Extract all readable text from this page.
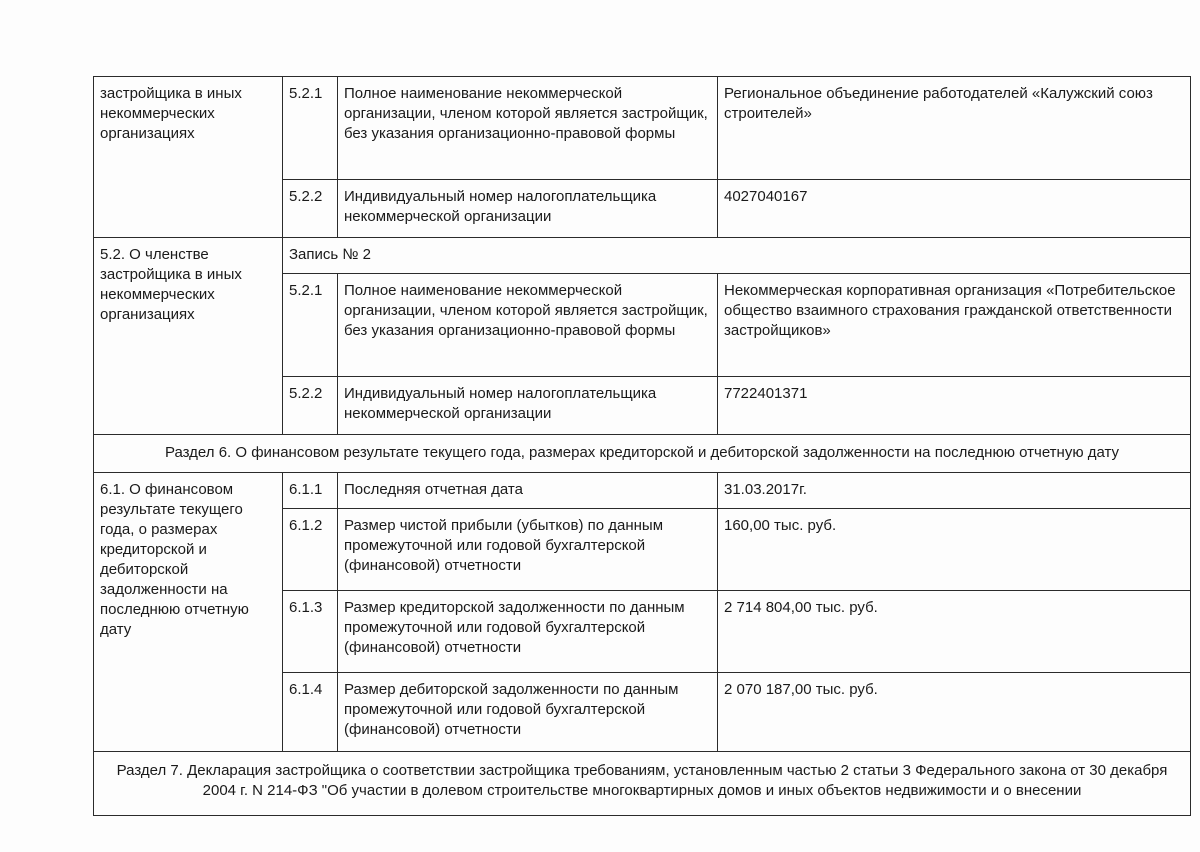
застройщика в иных некоммерческих организациях	5.2.1	Полное наименование некоммерческой организации, членом которой является застройщик, без указания организационно-правовой формы	Региональное объединение работодателей «Калужский союз строителей»
	5.2.2	Индивидуальный номер налогоплательщика некоммерческой организации	4027040167
5.2. О членстве застройщика в иных некоммерческих организациях	Запись № 2		
	5.2.1	Полное наименование некоммерческой организации, членом которой является застройщик, без указания организационно-правовой формы	Некоммерческая корпоративная организация «Потребительское общество взаимного страхования гражданской ответственности застройщиков»
	5.2.2	Индивидуальный номер налогоплательщика некоммерческой организации	7722401371
Раздел 6. О финансовом результате текущего года, размерах кредиторской и дебиторской задолженности на последнюю отчетную дату			
6.1. О финансовом результате текущего года, о размерах кредиторской и дебиторской задолженности на последнюю отчетную дату	6.1.1	Последняя отчетная дата	31.03.2017г.
	6.1.2	Размер чистой прибыли (убытков) по данным промежуточной или годовой бухгалтерской (финансовой) отчетности	160,00 тыс. руб.
	6.1.3	Размер кредиторской задолженности по данным промежуточной или годовой бухгалтерской (финансовой) отчетности	2 714 804,00 тыс. руб.
	6.1.4	Размер дебиторской задолженности по данным промежуточной или годовой бухгалтерской (финансовой) отчетности	2 070 187,00 тыс. руб.
Раздел 7. Декларация застройщика о соответствии застройщика требованиям, установленным частью 2 статьи 3 Федерального закона от 30 декабря 2004 г. N 214-ФЗ "Об участии в долевом строительстве многоквартирных домов и иных объектов недвижимости и о внесении			
